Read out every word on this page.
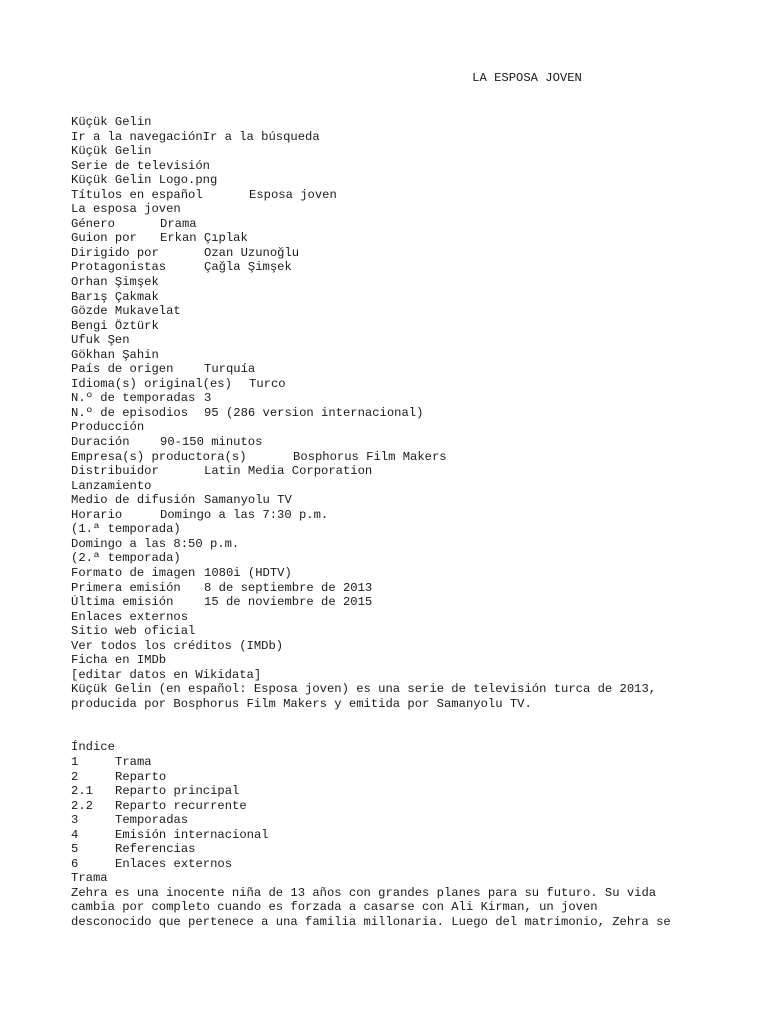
LA ESPOSA JOVEN
Küçük Gelin
Ir a la navegaciónIr a la búsqueda
Küçük Gelin
Serie de televisión
Küçük Gelin Logo.png
Títulos en español	Esposa joven
La esposa joven
Género	Drama
Guion por Erkan Çıplak
Dirigido por	Ozan Uzunoğlu
Protagonistas	Çağla Şimşek
Orhan Şimşek
Barış Çakmak
Gözde Mukavelat
Bengi Öztürk
Ufuk Şen
Gökhan Şahin
País de origen	Turquía
Idioma(s) original(es) Turco
N.º de temporadas 3
N.º de episodios 95 (286 version internacional)
Producción
Duración 90-150 minutos
Empresa(s) productora(s)	Bosphorus Film Makers
Distribuidor	Latin Media Corporation
Lanzamiento
Medio de difusión Samanyolu TV
Horario	Domingo a las 7:30 p.m.
(1.ª temporada)
Domingo a las 8:50 p.m.
(2.ª temporada)
Formato de imagen 1080i (HDTV)
Primera emisión 8 de septiembre de 2013
Última emisión	15 de noviembre de 2015
Enlaces externos
Sitio web oficial
Ver todos los créditos (IMDb)
Ficha en IMDb
[editar datos en Wikidata]
Küçük Gelin (en español: Esposa joven) es una serie de televisión turca de 2013,
producida por Bosphorus Film Makers y emitida por Samanyolu TV.
Índice
1	Trama
2	Reparto
2.1 Reparto principal
2.2 Reparto recurrente
3	Temporadas
4	Emisión internacional
5	Referencias
6	Enlaces externos
Trama
Zehra es una inocente niña de 13 años con grandes planes para su futuro. Su vida
cambia por completo cuando es forzada a casarse con Ali Kirman, un joven
desconocido que pertenece a una familia millonaria. Luego del matrimonio, Zehra se
